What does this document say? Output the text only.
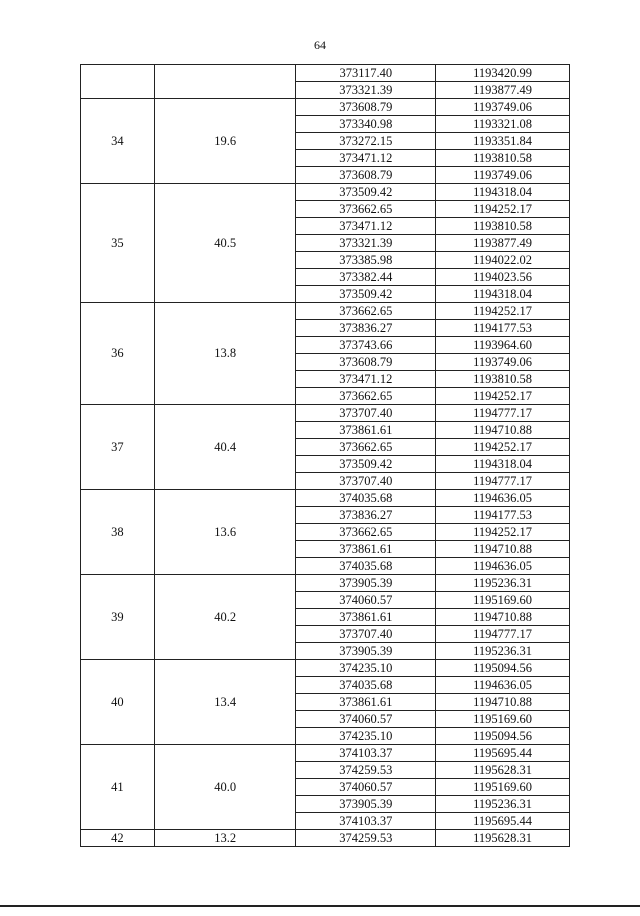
64
		373117.40	1193420.99
		373321.39	1193877.49
34	19.6	373608.79	1193749.06
		373340.98	1193321.08
		373272.15	1193351.84
		373471.12	1193810.58
		373608.79	1193749.06
35	40.5	373509.42	1194318.04
		373662.65	1194252.17
		373471.12	1193810.58
		373321.39	1193877.49
		373385.98	1194022.02
		373382.44	1194023.56
		373509.42	1194318.04
36	13.8	373662.65	1194252.17
		373836.27	1194177.53
		373743.66	1193964.60
		373608.79	1193749.06
		373471.12	1193810.58
		373662.65	1194252.17
37	40.4	373707.40	1194777.17
		373861.61	1194710.88
		373662.65	1194252.17
		373509.42	1194318.04
		373707.40	1194777.17
38	13.6	374035.68	1194636.05
		373836.27	1194177.53
		373662.65	1194252.17
		373861.61	1194710.88
		374035.68	1194636.05
39	40.2	373905.39	1195236.31
		374060.57	1195169.60
		373861.61	1194710.88
		373707.40	1194777.17
		373905.39	1195236.31
40	13.4	374235.10	1195094.56
		374035.68	1194636.05
		373861.61	1194710.88
		374060.57	1195169.60
		374235.10	1195094.56
41	40.0	374103.37	1195695.44
		374259.53	1195628.31
		374060.57	1195169.60
		373905.39	1195236.31
		374103.37	1195695.44
42	13.2	374259.53	1195628.31
